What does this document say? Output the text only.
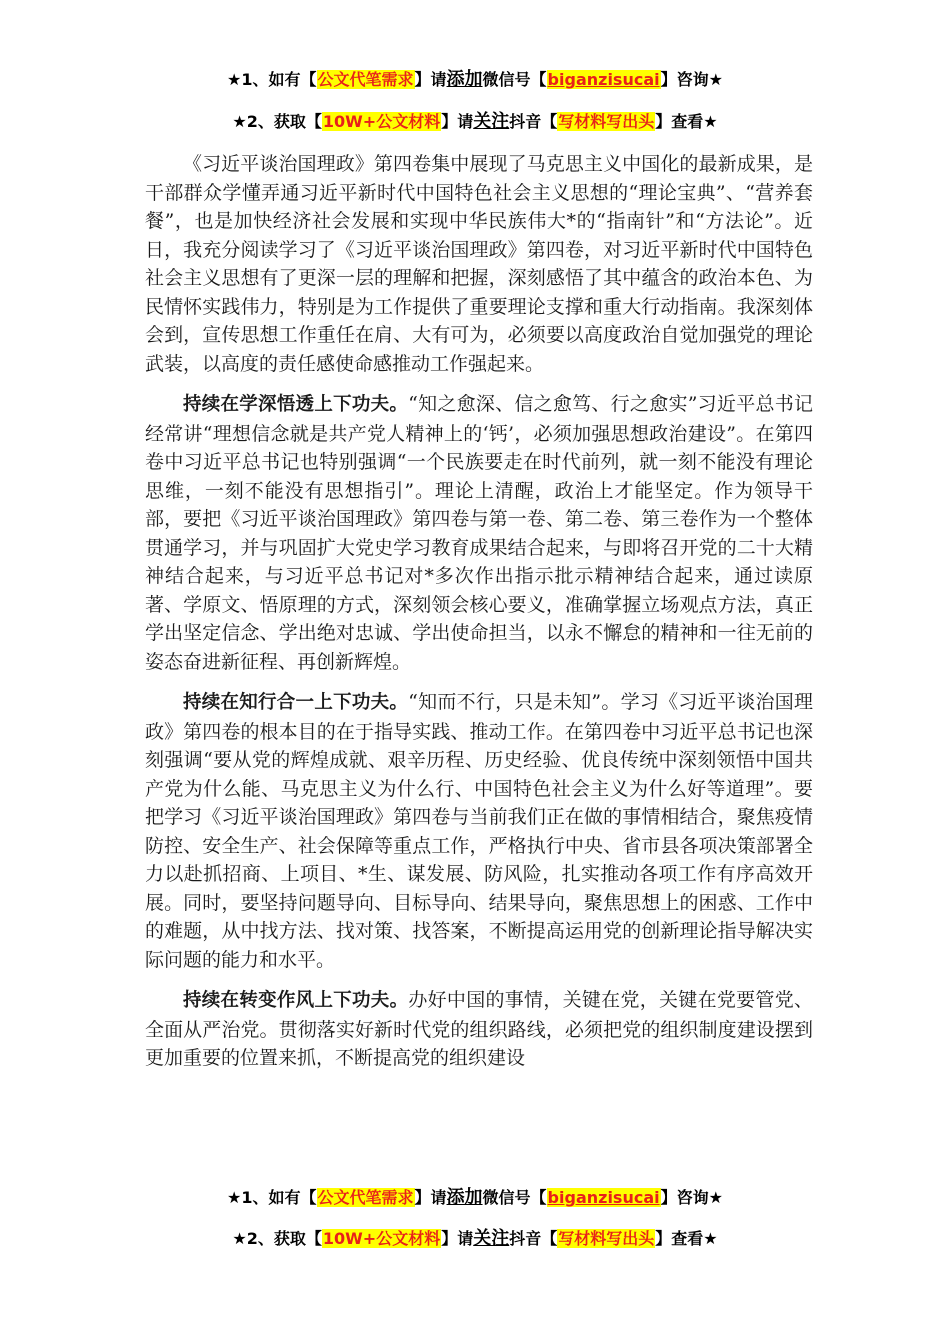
★1、如有【公文代笔需求】请添加微信号【biganzisucai】咨询★
★2、获取【10W+公文材料】请关注抖音【写材料写出头】查看★

《习近平谈治国理政》第四卷集中展现了马克思主义中国化的最新成果，是干部群众学懂弄通习近平新时代中国特色社会主义思想的“理论宝典”、“营养套餐”，也是加快经济社会发展和实现中华民族伟大*的“指南针”和“方法论”。近日，我充分阅读学习了《习近平谈治国理政》第四卷，对习近平新时代中国特色社会主义思想有了更深一层的理解和把握，深刻感悟了其中蕴含的政治本色、为民情怀实践伟力，特别是为工作提供了重要理论支撑和重大行动指南。我深刻体会到，宣传思想工作重任在肩、大有可为，必须要以高度政治自觉加强党的理论武装，以高度的责任感使命感推动工作强起来。

持续在学深悟透上下功夫。“知之愈深、信之愈笃、行之愈实”习近平总书记经常讲“理想信念就是共产党人精神上的‘钙’，必须加强思想政治建设”。在第四卷中习近平总书记也特别强调“一个民族要走在时代前列，就一刻不能没有理论思维，一刻不能没有思想指引”。理论上清醒，政治上才能坚定。作为领导干部，要把《习近平谈治国理政》第四卷与第一卷、第二卷、第三卷作为一个整体贯通学习，并与巩固扩大党史学习教育成果结合起来，与即将召开党的二十大精神结合起来，与习近平总书记对*多次作出指示批示精神结合起来，通过读原著、学原文、悟原理的方式，深刻领会核心要义，准确掌握立场观点方法，真正学出坚定信念、学出绝对忠诚、学出使命担当，以永不懈怠的精神和一往无前的姿态奋进新征程、再创新辉煌。

持续在知行合一上下功夫。“知而不行，只是未知”。学习《习近平谈治国理政》第四卷的根本目的在于指导实践、推动工作。在第四卷中习近平总书记也深刻强调“要从党的辉煌成就、艰辛历程、历史经验、优良传统中深刻领悟中国共产党为什么能、马克思主义为什么行、中国特色社会主义为什么好等道理”。要把学习《习近平谈治国理政》第四卷与当前我们正在做的事情相结合，聚焦疫情防控、安全生产、社会保障等重点工作，严格执行中央、省市县各项决策部署全力以赴抓招商、上项目、*生、谋发展、防风险，扎实推动各项工作有序高效开展。同时，要坚持问题导向、目标导向、结果导向，聚焦思想上的困惑、工作中的难题，从中找方法、找对策、找答案，不断提高运用党的创新理论指导解决实际问题的能力和水平。

持续在转变作风上下功夫。办好中国的事情，关键在党，关键在党要管党、全面从严治党。贯彻落实好新时代党的组织路线，必须把党的组织制度建设摆到更加重要的位置来抓，不断提高党的组织建设

★1、如有【公文代笔需求】请添加微信号【biganzisucai】咨询★
★2、获取【10W+公文材料】请关注抖音【写材料写出头】查看★
